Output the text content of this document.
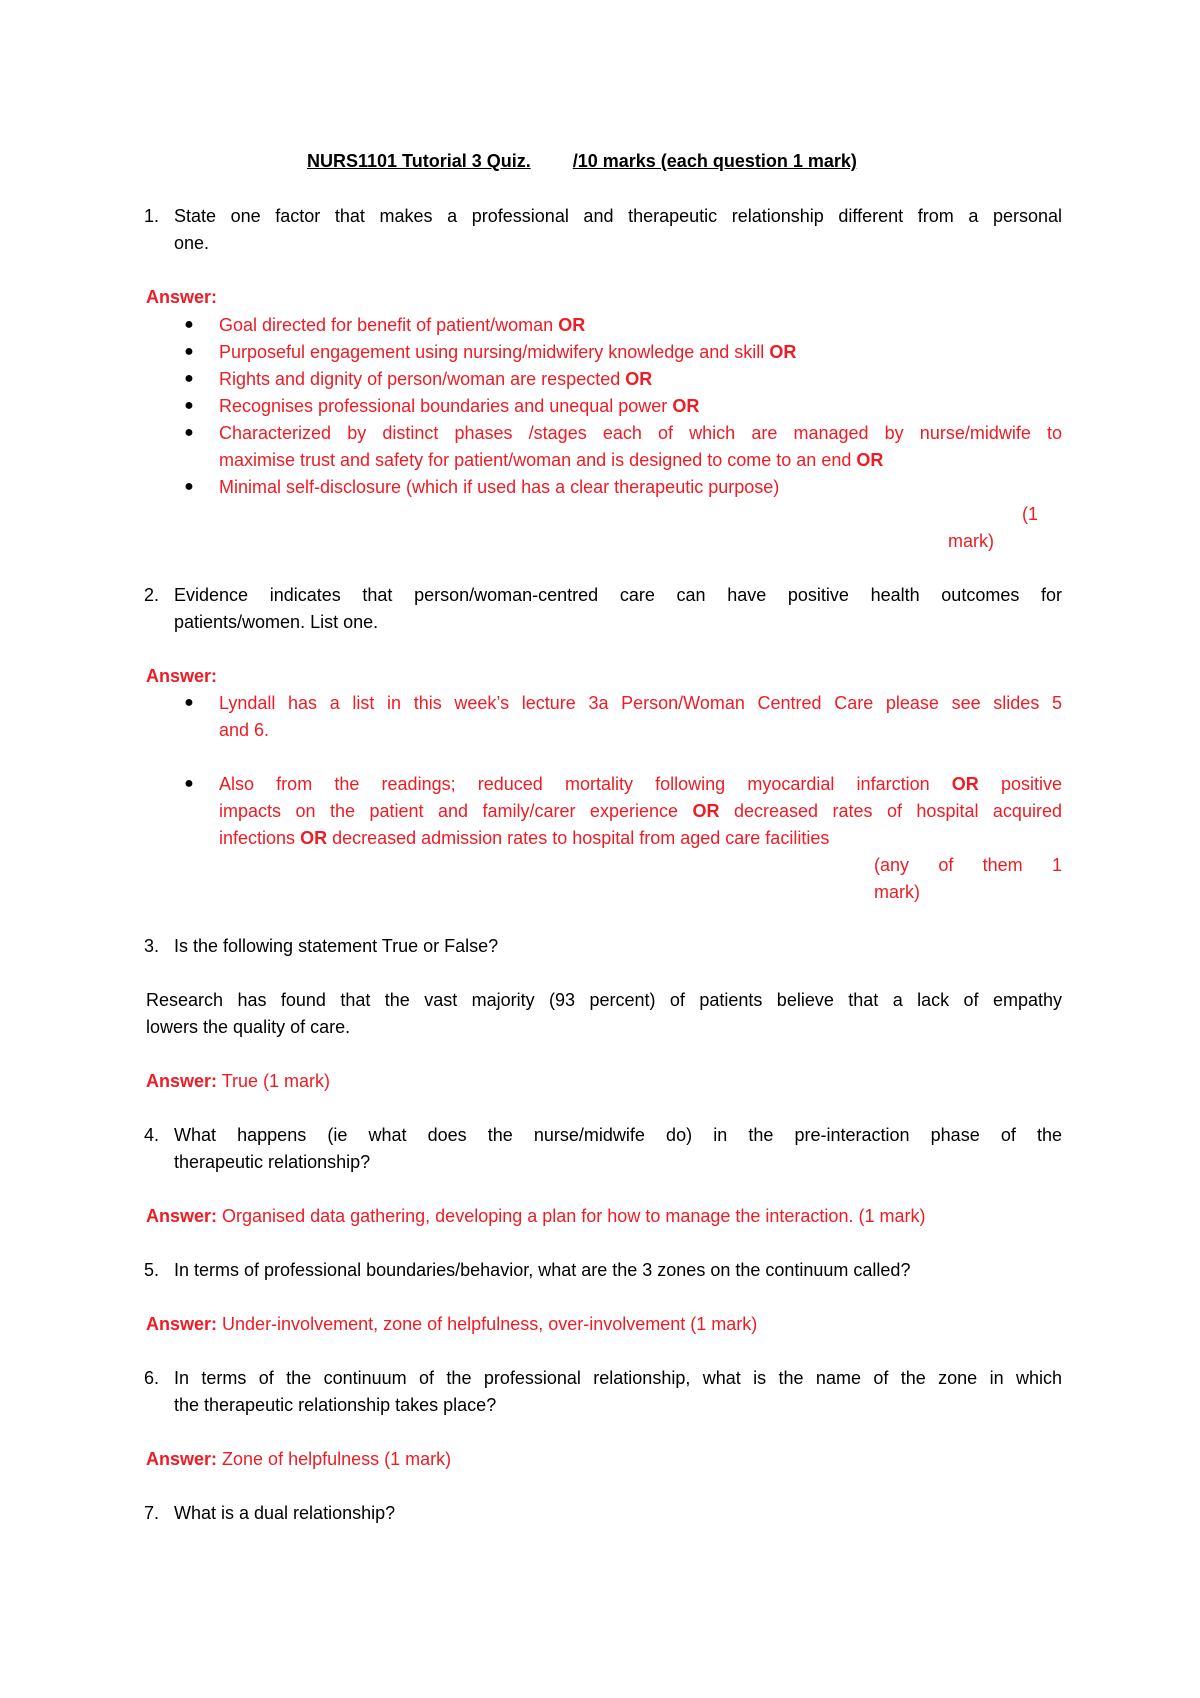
NURS1101 Tutorial 3 Quiz. /10 marks (each question 1 mark)
1. State one factor that makes a professional and therapeutic relationship different from a personal
one.
Answer:
● Goal directed for benefit of patient/woman OR
● Purposeful engagement using nursing/midwifery knowledge and skill OR
● Rights and dignity of person/woman are respected OR
● Recognises professional boundaries and unequal power OR
● Characterized by distinct phases /stages each of which are managed by nurse/midwife to
maximise trust and safety for patient/woman and is designed to come to an end OR
● Minimal self-disclosure (which if used has a clear therapeutic purpose)
(1
mark)
2. Evidence indicates that person/woman-centred care can have positive health outcomes for
patients/women. List one.
Answer:
● Lyndall has a list in this week’s lecture 3a Person/Woman Centred Care please see slides 5
and 6.
● Also from the readings; reduced mortality following myocardial infarction OR positive
impacts on the patient and family/carer experience OR decreased rates of hospital acquired
infections OR decreased admission rates to hospital from aged care facilities
(any of them 1
mark)
3. Is the following statement True or False?
Research has found that the vast majority (93 percent) of patients believe that a lack of empathy
lowers the quality of care.
Answer: True (1 mark)
4. What happens (ie what does the nurse/midwife do) in the pre-interaction phase of the
therapeutic relationship?
Answer: Organised data gathering, developing a plan for how to manage the interaction. (1 mark)
5. In terms of professional boundaries/behavior, what are the 3 zones on the continuum called?
Answer: Under-involvement, zone of helpfulness, over-involvement (1 mark)
6. In terms of the continuum of the professional relationship, what is the name of the zone in which
the therapeutic relationship takes place?
Answer: Zone of helpfulness (1 mark)
7. What is a dual relationship?
